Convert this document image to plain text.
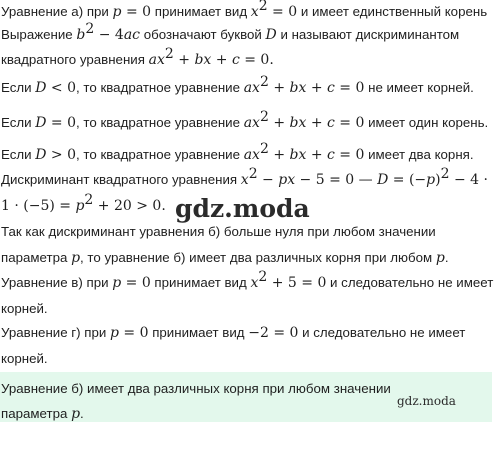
Уравнение а) при p = 0 принимает вид $x^2 = 0$ и имеет единственный корень
Выражение $b^2 - 4ac$ обозначают буквой D и называют дискриминантом
квадратного уравнения $ax^2$ + bx + c = 0.
Если D < 0, то квадратное уравнение $ax^2$ + bx + c = 0 не имеет корней.
Если D = 0, то квадратное уравнение $ax^2$ + bx + c = 0 имеет один корень.
Если D > 0, то квадратное уравнение $ax^2$ + bx + c = 0 имеет два корня.
Дискриминант квадратного уравнения $x^2$ − px − 5 = 0 — $D = (-p)^2 - 4$ ·
$1 \cdot (-5) = p^2 + 20 > 0$. gdz.moda
Так как дискриминант уравнения б) больше нуля при любом значении
параметра p, то уравнение б) имеет два различных корня при любом p.
Уравнение в) при p = 0 принимает вид $x^2 + 5 = 0$ и следовательно не имеет
корней.
Уравнение г) при p = 0 принимает вид −2 = 0 и следовательно не имеет
корней.
Уравнение б) имеет два различных корня при любом значении
параметра p.
gdz.moda
